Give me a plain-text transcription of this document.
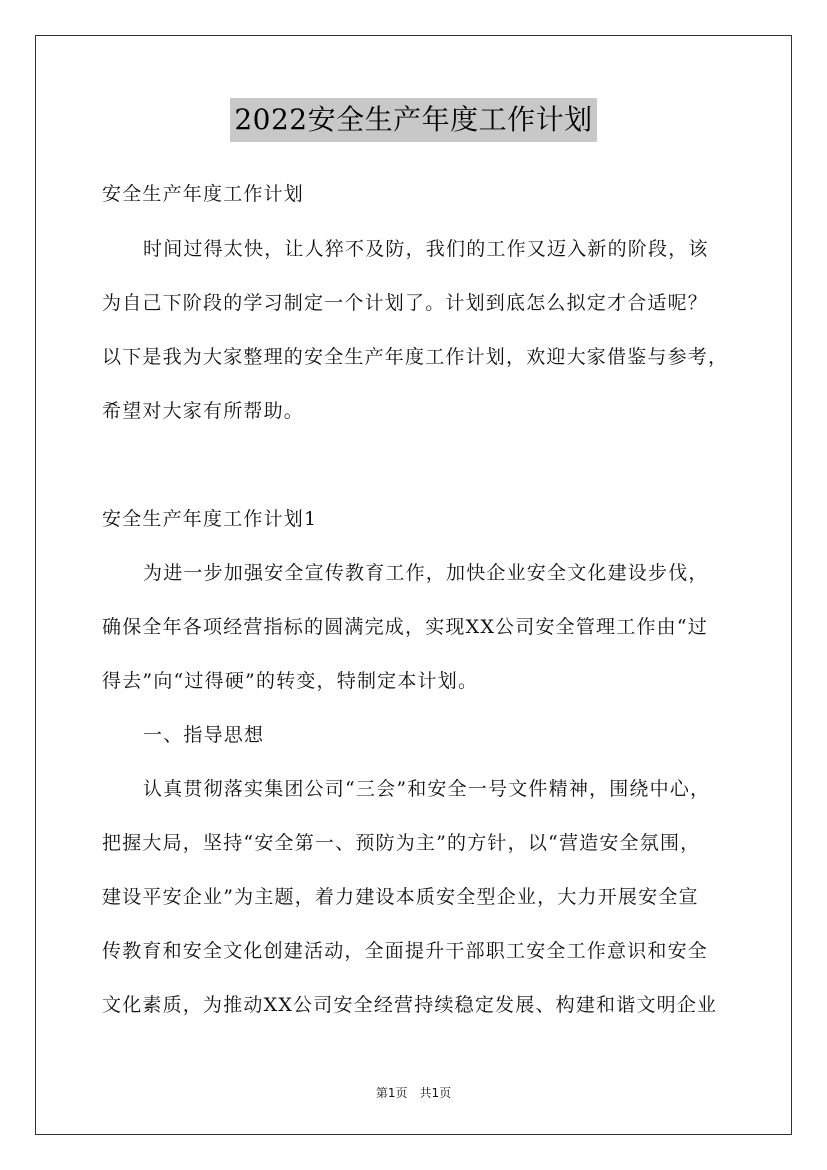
2022安全生产年度工作计划
安全生产年度工作计划
时间过得太快，让人猝不及防，我们的工作又迈入新的阶段，该
为自己下阶段的学习制定一个计划了。计划到底怎么拟定才合适呢？
以下是我为大家整理的安全生产年度工作计划，欢迎大家借鉴与参考，
希望对大家有所帮助。
安全生产年度工作计划1
为进一步加强安全宣传教育工作，加快企业安全文化建设步伐，
确保全年各项经营指标的圆满完成，实现XX公司安全管理工作由“过
得去”向“过得硬”的转变，特制定本计划。
一、指导思想
认真贯彻落实集团公司“三会”和安全一号文件精神，围绕中心，
把握大局，坚持“安全第一、预防为主”的方针，以“营造安全氛围，
建设平安企业”为主题，着力建设本质安全型企业，大力开展安全宣
传教育和安全文化创建活动，全面提升干部职工安全工作意识和安全
文化素质，为推动XX公司安全经营持续稳定发展、构建和谐文明企业
第1页 共1页
